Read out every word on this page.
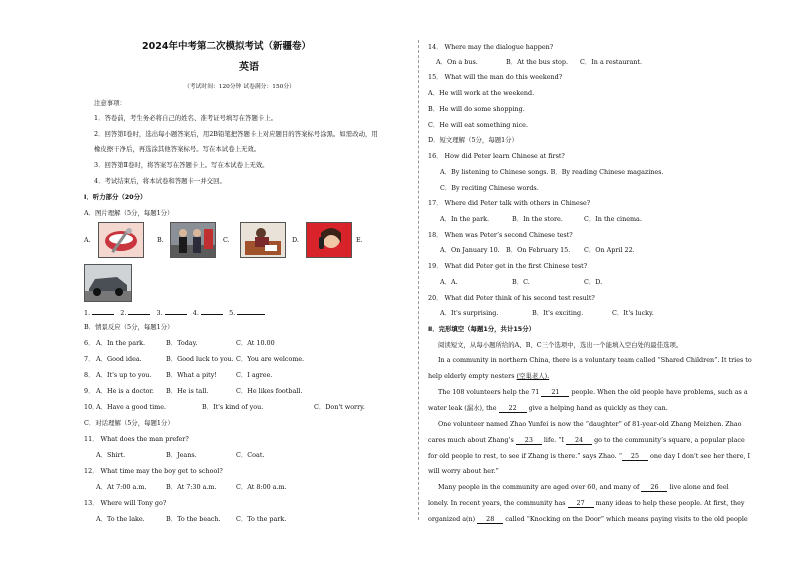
2024年中考第二次模拟考试（新疆卷）
英语
（考试时间：120分钟 试卷满分：150分）
注意事项：
1．答卷前，考生务必将自己的姓名、准考证号填写在答题卡上。
2．回答第Ⅰ卷时，选出每小题答案后，用2B铅笔把答题卡上对应题目的答案标号涂黑。如需改动，用
橡皮擦干净后，再选涂其他答案标号。写在本试卷上无效。
3．回答第Ⅱ卷时，将答案写在答题卡上。写在本试卷上无效。
4．考试结束后，将本试卷和答题卡一并交回。
Ⅰ．听力部分（20分）
A．图片理解（5分，每题1分）
A.	B.	C.	D.	E.
1.	2.	3.	4.	5.
B．情景反应（5分，每题1分）
6． A．In the park.	B．Today.	C．At 10.00
7． A．Good idea.	B．Good luck to you. C．You are welcome.
8． A．It's up to you. B．What a pity!	C．I agree.
9． A．He is a doctor. B．He is tall.	C．He likes football.
10．
A．Have a good time.	B．It's kind of you.	C．Don't worry.
C．对话理解（5分，每题1分）
11． What does the man prefer?
A．Shirt.	B．Jeans.	C．Coat.
12． What time may the boy get to school?
A．At 7:00 a.m.	B．At 7:30 a.m.	C．At 8:00 a.m.
13． Where will Tony go?
A．To the lake.	B．To the beach. C．To the park.
14． Where may the dialogue happen?
A．On a bus.	B．At the bus stop. C．In a restaurant.
15． What will the man do this weekend?
A．He will work at the weekend.
B．He will do some shopping.
C．He will eat something nice.
D．短文理解（5分，每题1分）
16． How did Peter learn Chinese at first?
A．By listening to Chinese songs. B．By reading Chinese magazines.
C．By reciting Chinese words.
17． Where did Peter talk with others in Chinese?
A．In the park.	B．In the store.	C．In the cinema.
18． When was Peter’s second Chinese test?
A．On January 10. B．On February 15. C．On April 22.
19． What did Peter get in the first Chinese test?
A．A.	B．C.	C．D.
20． What did Peter think of his second test result?
A．It's surprising.	B．It's exciting.	C．It's lucky.
Ⅱ．完形填空（每题1分，共计15分）
阅读短文，从每小题所给的A、B、C三个选项中，选出一个能填入空白处的最佳选项。
In a community in northern China, there is a voluntary team called “Shared Children”. It tries to
help elderly empty nesters (空巢老人).
The 108 volunteers help the 71 21 people. When the old people have problems, such as a
water leak (漏水), the 22 give a helping hand as quickly as they can.
One volunteer named Zhao Yunfei is now the “daughter” of 81-year-old Zhang Meizhen. Zhao
cares much about Zhang’s 23 life. “I 24 go to the community’s square, a popular place
for old people to rest, to see if Zhang is there.” says Zhao. “ 25 one day I don't see her there, I
will worry about her.”
Many people in the community are aged over 60, and many of 26 live alone and feel
lonely. In recent years, the community has 27 many ideas to help these people. At first, they
organized a(n) 28 called “Knocking on the Door” which means paying visits to the old people
